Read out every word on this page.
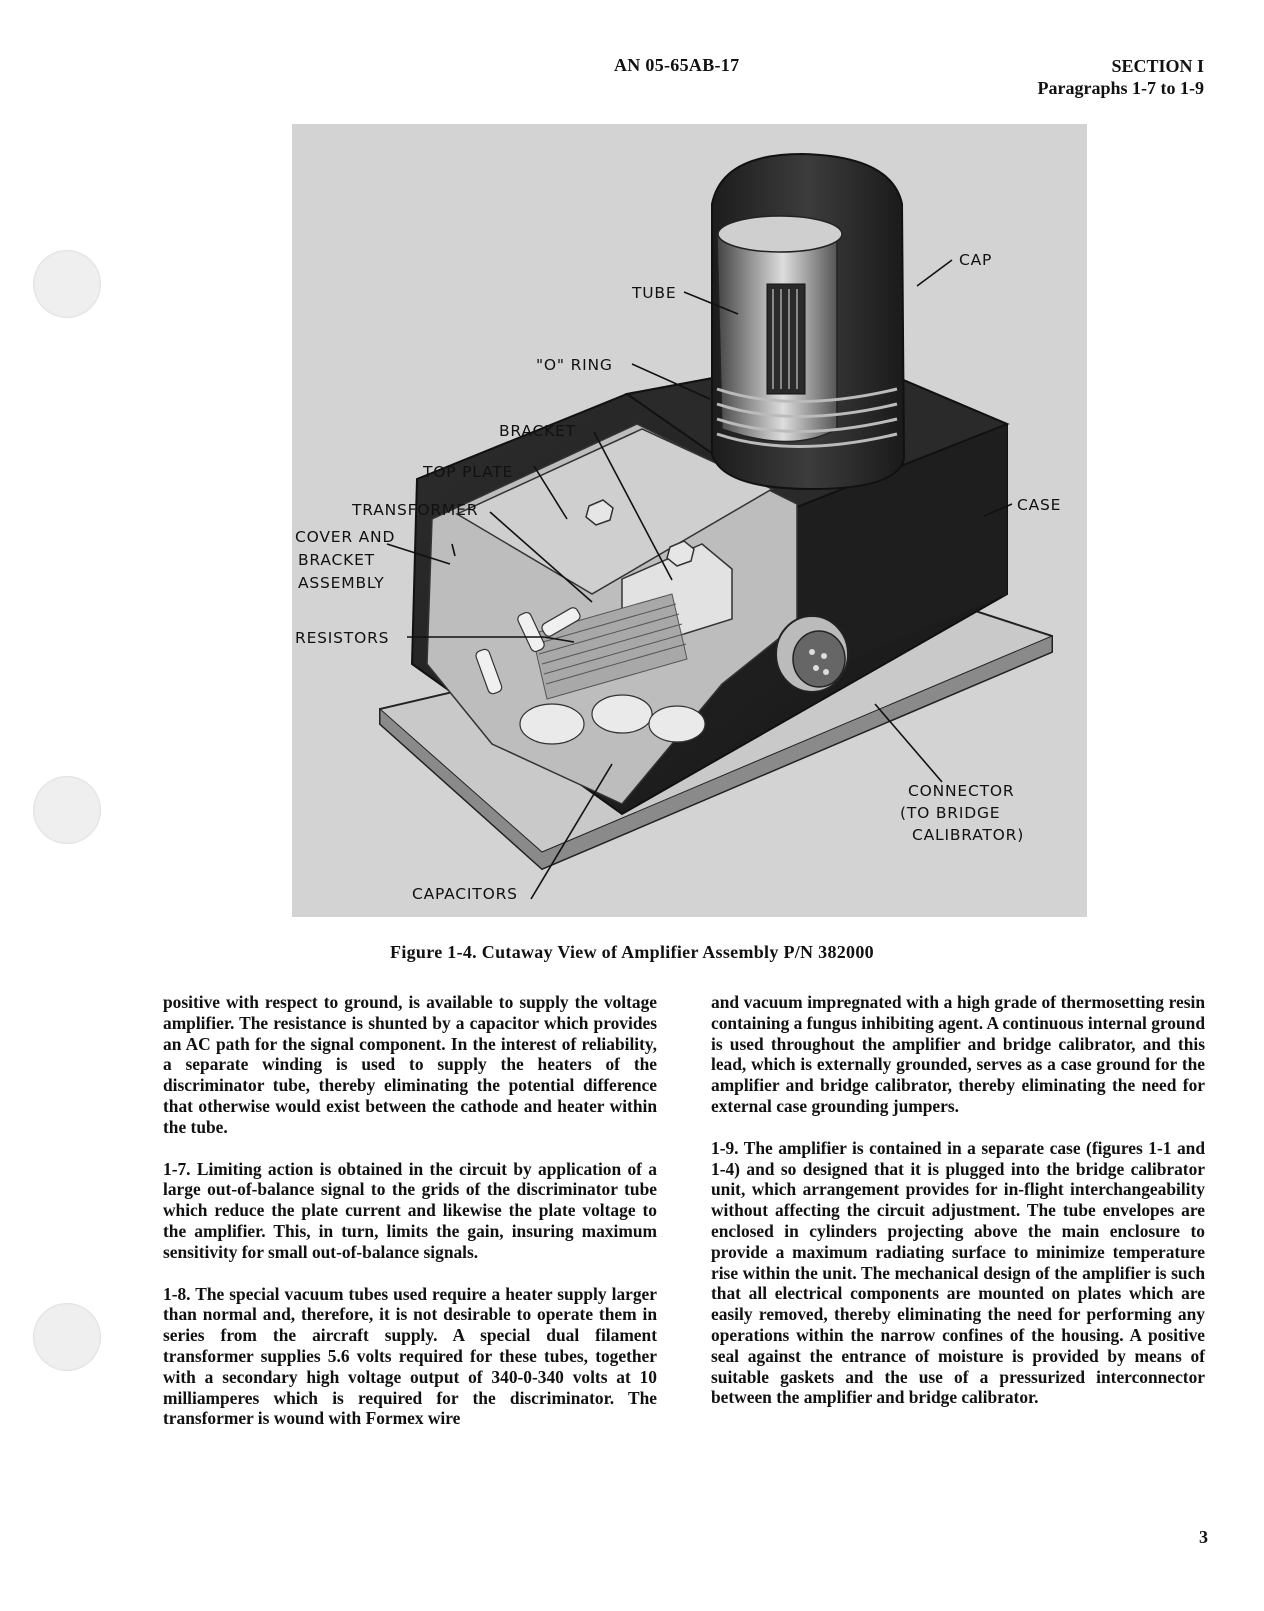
AN 05-65AB-17	SECTION I
Paragraphs 1-7 to 1-9
TUBE
CAP
"O" RING
BRACKET
TOP PLATE
TRANSFORMER
COVER AND
BRACKET
ASSEMBLY
CASE
RESISTORS
CONNECTOR
(TO BRIDGE
CALIBRATOR)
CAPACITORS
Figure 1-4. Cutaway View of Amplifier Assembly P/N 382000

positive with respect to ground, is available to supply the voltage amplifier. The resistance is shunted by a capacitor which provides an AC path for the signal component. In the interest of reliability, a separate winding is used to supply the heaters of the discriminator tube, thereby eliminating the potential difference that otherwise would exist between the cathode and heater within the tube.

1-7. Limiting action is obtained in the circuit by application of a large out-of-balance signal to the grids of the discriminator tube which reduce the plate current and likewise the plate voltage to the amplifier. This, in turn, limits the gain, insuring maximum sensitivity for small out-of-balance signals.

1-8. The special vacuum tubes used require a heater supply larger than normal and, therefore, it is not desirable to operate them in series from the aircraft supply. A special dual filament transformer supplies 5.6 volts required for these tubes, together with a secondary high voltage output of 340-0-340 volts at 10 milliamperes which is required for the discriminator. The transformer is wound with Formex wire

and vacuum impregnated with a high grade of thermosetting resin containing a fungus inhibiting agent. A continuous internal ground is used throughout the amplifier and bridge calibrator, and this lead, which is externally grounded, serves as a case ground for the amplifier and bridge calibrator, thereby eliminating the need for external case grounding jumpers.

1-9. The amplifier is contained in a separate case (figures 1-1 and 1-4) and so designed that it is plugged into the bridge calibrator unit, which arrangement provides for in-flight interchangeability without affecting the circuit adjustment. The tube envelopes are enclosed in cylinders projecting above the main enclosure to provide a maximum radiating surface to minimize temperature rise within the unit. The mechanical design of the amplifier is such that all electrical components are mounted on plates which are easily removed, thereby eliminating the need for performing any operations within the narrow confines of the housing. A positive seal against the entrance of moisture is provided by means of suitable gaskets and the use of a pressurized interconnector between the amplifier and bridge calibrator.

3
